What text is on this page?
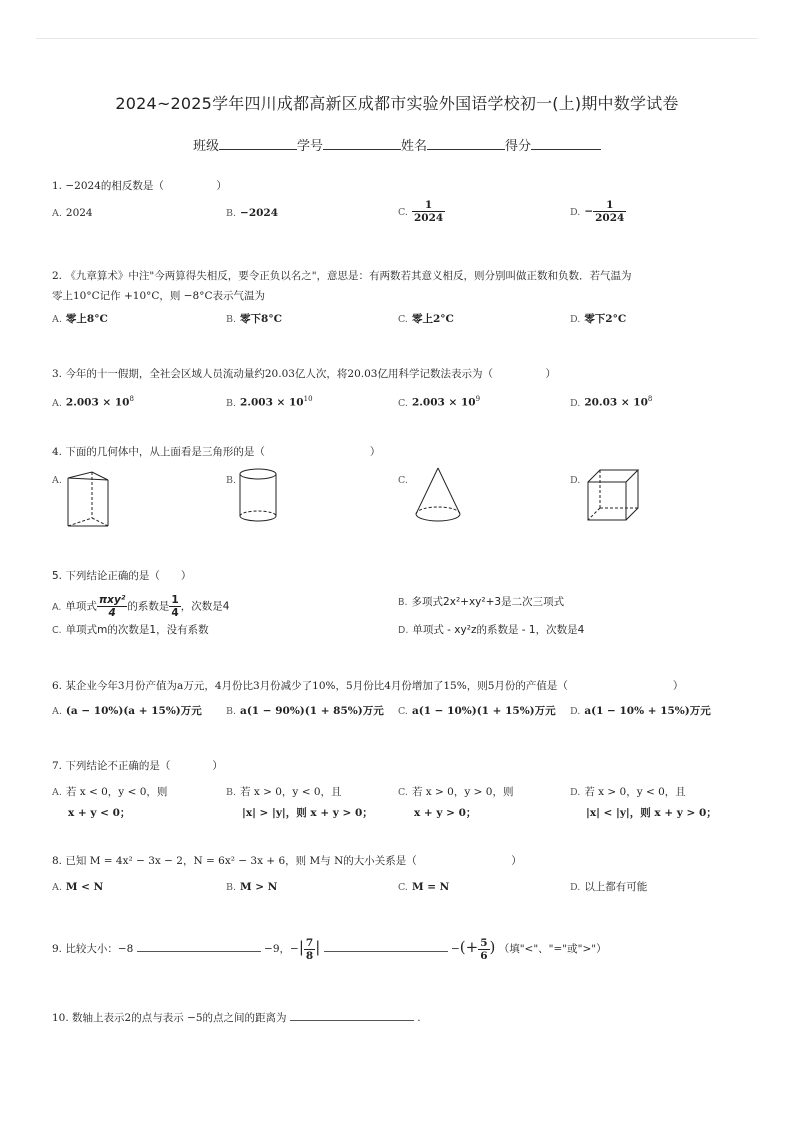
2024~2025学年四川成都高新区成都市实验外国语学校初一(上)期中数学试卷
班级	学号	姓名	得分
1. −2024的相反数是（　　　　　）
A. 2024	B. −2024	C. $\frac{1}{2024}$	D. − $\frac{1}{2024}$
2. 《九章算术》中注"今两算得失相反，要令正负以名之"，意思是：有两数若其意义相反，则分别叫做正数和负数．若气温为
零上10°C记作 +10°C，则 −8°C表示气温为
A. 零上8°C	B. 零下8°C	C. 零上2°C	D. 零下2°C
3. 今年的十一假期，全社会区域人员流动量约20.03亿人次，将20.03亿用科学记数法表示为（　　　　　）
A. $2.003 \times 10^8$	B. $2.003 \times 10^{10}$	C. $2.003 \times 10^9$	D. $20.03 \times 10^8$
4. 下面的几何体中，从上面看是三角形的是（　　　　　　　　　　）
A.	B.	C.	D.
5. 下列结论正确的是（　　）
A. 单项式 $\frac{\text{πxy²}}{4}$ 的系数是 $\frac{1}{4}$ ，次数是4	B. 多项式2x²+xy²+3是二次三项式
C. 单项式m的次数是1，没有系数	D. 单项式 - xy²z的系数是 - 1，次数是4
6. 某企业今年3月份产值为a万元，4月份比3月份减少了10%，5月份比4月份增加了15%，则5月份的产值是（　　　　　　　　　　）
A. (a − 10%)(a + 15%)万元	B. a(1 − 90%)(1 + 85%)万元 C. a(1 − 10%)(1 + 15%)万元 D. a(1 − 10% + 15%)万元
7. 下列结论不正确的是（　　　　）
A. 若 x < 0，y < 0，则
x + y < 0；
B. 若 x > 0，y < 0，且
|x| > |y|，则 x + y > 0；
C. 若 x > 0，y > 0，则
x + y > 0；
D. 若 x > 0，y < 0，且
|x| < |y|，则 x + y > 0；
8. 已知 M = 4x² − 3x − 2，N = 6x² − 3x + 6，则 M与 N的大小关系是（　　　　　　　　　）
A. M < N	B. M > N	C. M = N	D. 以上都有可能
9. 比较大小：−8	−9，−| $\frac{7}{8}$ |	−(+ $\frac{5}{6}$ ) （填"<"、"="或">"）
10. 数轴上表示2的点与表示 −5的点之间的距离为	.
